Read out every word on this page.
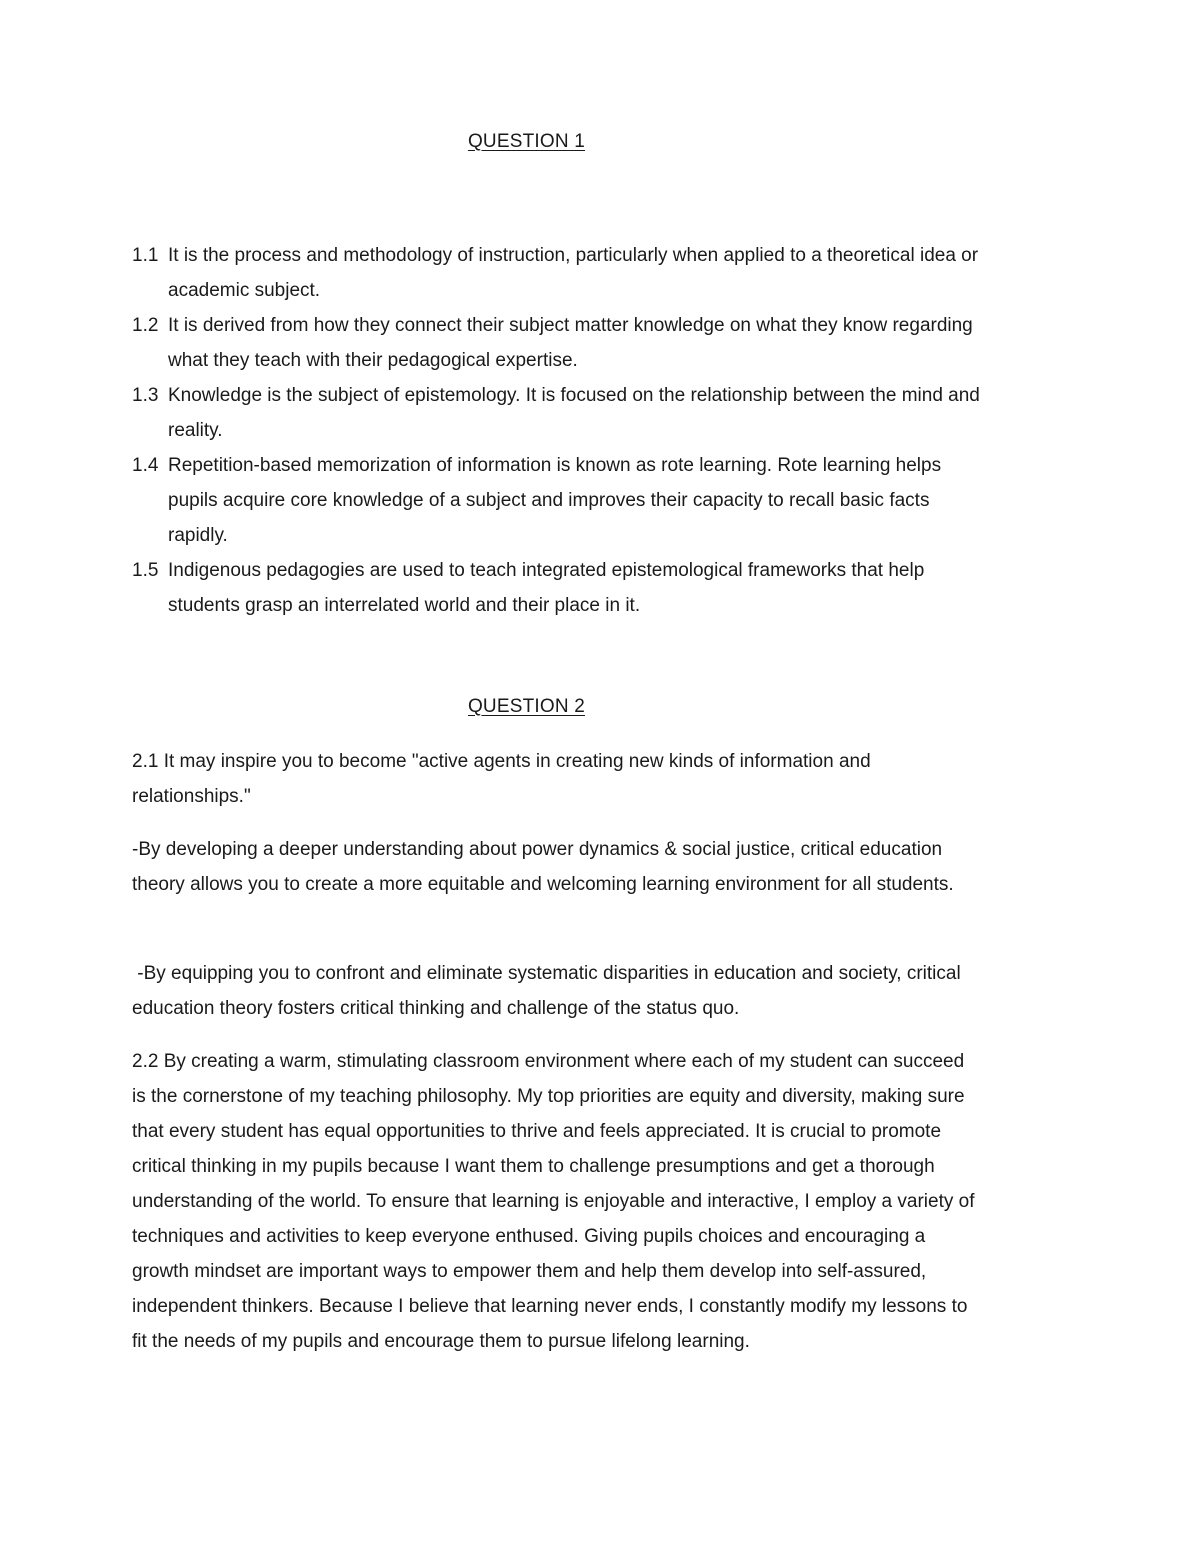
QUESTION 1
1.1 It is the process and methodology of instruction, particularly when applied to a theoretical idea or academic subject.
1.2 It is derived from how they connect their subject matter knowledge on what they know regarding what they teach with their pedagogical expertise.
1.3 Knowledge is the subject of epistemology. It is focused on the relationship between the mind and reality.
1.4 Repetition-based memorization of information is known as rote learning. Rote learning helps pupils acquire core knowledge of a subject and improves their capacity to recall basic facts rapidly.
1.5 Indigenous pedagogies are used to teach integrated epistemological frameworks that help students grasp an interrelated world and their place in it.
QUESTION 2

2.1 It may inspire you to become "active agents in creating new kinds of information and relationships."

-By developing a deeper understanding about power dynamics & social justice, critical education theory allows you to create a more equitable and welcoming learning environment for all students.

-By equipping you to confront and eliminate systematic disparities in education and society, critical education theory fosters critical thinking and challenge of the status quo.

2.2 By creating a warm, stimulating classroom environment where each of my student can succeed is the cornerstone of my teaching philosophy. My top priorities are equity and diversity, making sure that every student has equal opportunities to thrive and feels appreciated. It is crucial to promote critical thinking in my pupils because I want them to challenge presumptions and get a thorough understanding of the world. To ensure that learning is enjoyable and interactive, I employ a variety of techniques and activities to keep everyone enthused. Giving pupils choices and encouraging a growth mindset are important ways to empower them and help them develop into self-assured, independent thinkers. Because I believe that learning never ends, I constantly modify my lessons to fit the needs of my pupils and encourage them to pursue lifelong learning.
